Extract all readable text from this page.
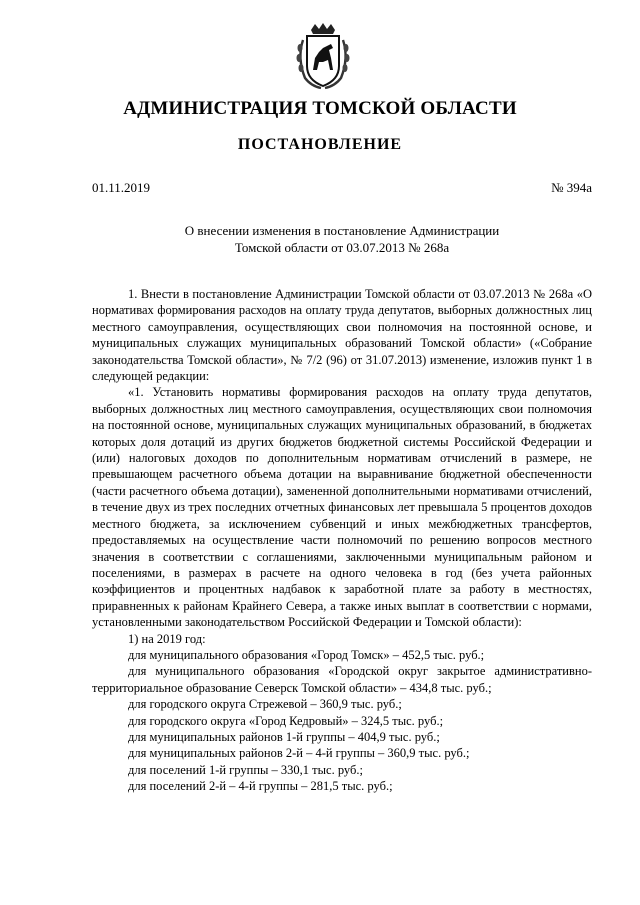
АДМИНИСТРАЦИЯ ТОМСКОЙ ОБЛАСТИ
ПОСТАНОВЛЕНИЕ
01.11.2019	№ 394а
О внесении изменения в постановление Администрации
Томской области от 03.07.2013 № 268а

1. Внести в постановление Администрации Томской области от 03.07.2013 № 268а «О нормативах формирования расходов на оплату труда депутатов, выборных должностных лиц местного самоуправления, осуществляющих свои полномочия на постоянной основе, и муниципальных служащих муниципальных образований Томской области» («Собрание законодательства Томской области», № 7/2 (96) от 31.07.2013) изменение, изложив пункт 1 в следующей редакции:

«1. Установить нормативы формирования расходов на оплату труда депутатов, выборных должностных лиц местного самоуправления, осуществляющих свои полномочия на постоянной основе, муниципальных служащих муниципальных образований, в бюджетах которых доля дотаций из других бюджетов бюджетной системы Российской Федерации и (или) налоговых доходов по дополнительным нормативам отчислений в размере, не превышающем расчетного объема дотации на выравнивание бюджетной обеспеченности (части расчетного объема дотации), замененной дополнительными нормативами отчислений, в течение двух из трех последних отчетных финансовых лет превышала 5 процентов доходов местного бюджета, за исключением субвенций и иных межбюджетных трансфертов, предоставляемых на осуществление части полномочий по решению вопросов местного значения в соответствии с соглашениями, заключенными муниципальным районом и поселениями, в размерах в расчете на одного человека в год (без учета районных коэффициентов и процентных надбавок к заработной плате за работу в местностях, приравненных к районам Крайнего Севера, а также иных выплат в соответствии с нормами, установленными законодательством Российской Федерации и Томской области):

1) на 2019 год:

для муниципального образования «Город Томск» – 452,5 тыс. руб.;

для муниципального образования «Городской округ закрытое административно-территориальное образование Северск Томской области» – 434,8 тыс. руб.;

для городского округа Стрежевой – 360,9 тыс. руб.;

для городского округа «Город Кедровый» – 324,5 тыс. руб.;

для муниципальных районов 1-й группы – 404,9 тыс. руб.;

для муниципальных районов 2-й – 4-й группы – 360,9 тыс. руб.;

для поселений 1-й группы – 330,1 тыс. руб.;

для поселений 2-й – 4-й группы – 281,5 тыс. руб.;
